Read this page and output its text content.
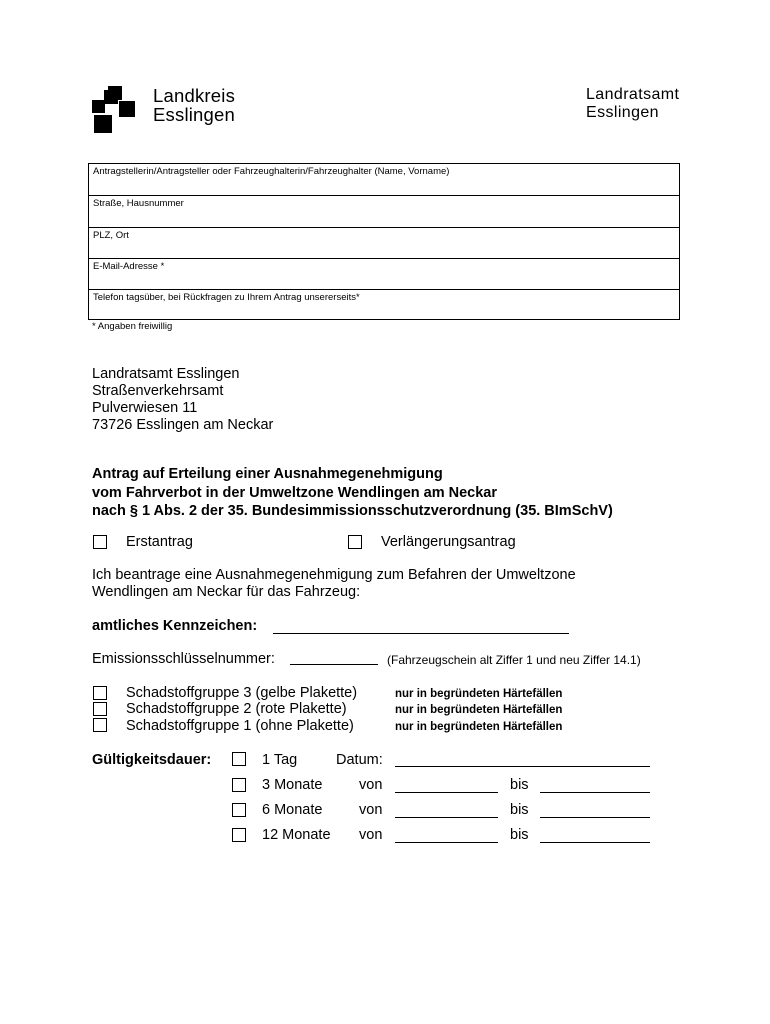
Landkreis
Esslingen
Landratsamt
Esslingen
Antragstellerin/Antragsteller oder Fahrzeughalterin/Fahrzeughalter (Name, Vorname)
Straße, Hausnummer
PLZ, Ort
E-Mail-Adresse *
Telefon tagsüber, bei Rückfragen zu Ihrem Antrag unsererseits*
* Angaben freiwillig
Landratsamt Esslingen
Straßenverkehrsamt
Pulverwiesen 11
73726 Esslingen am Neckar
Antrag auf Erteilung einer Ausnahmegenehmigung
vom Fahrverbot in der Umweltzone Wendlingen am Neckar
nach § 1 Abs. 2 der 35. Bundesimmissionsschutzverordnung (35. BImSchV)
Erstantrag	Verlängerungsantrag
Ich beantrage eine Ausnahmegenehmigung zum Befahren der Umweltzone
Wendlingen am Neckar für das Fahrzeug:
amtliches Kennzeichen:
Emissionsschlüsselnummer:	(Fahrzeugschein alt Ziffer 1 und neu Ziffer 14.1)
Schadstoffgruppe 3 (gelbe Plakette)	nur in begründeten Härtefällen
Schadstoffgruppe 2 (rote Plakette)	nur in begründeten Härtefällen
Schadstoffgruppe 1 (ohne Plakette)	nur in begründeten Härtefällen
Gültigkeitsdauer:	1 Tag	Datum:
3 Monate	von	bis
6 Monate	von	bis
12 Monate von	bis
